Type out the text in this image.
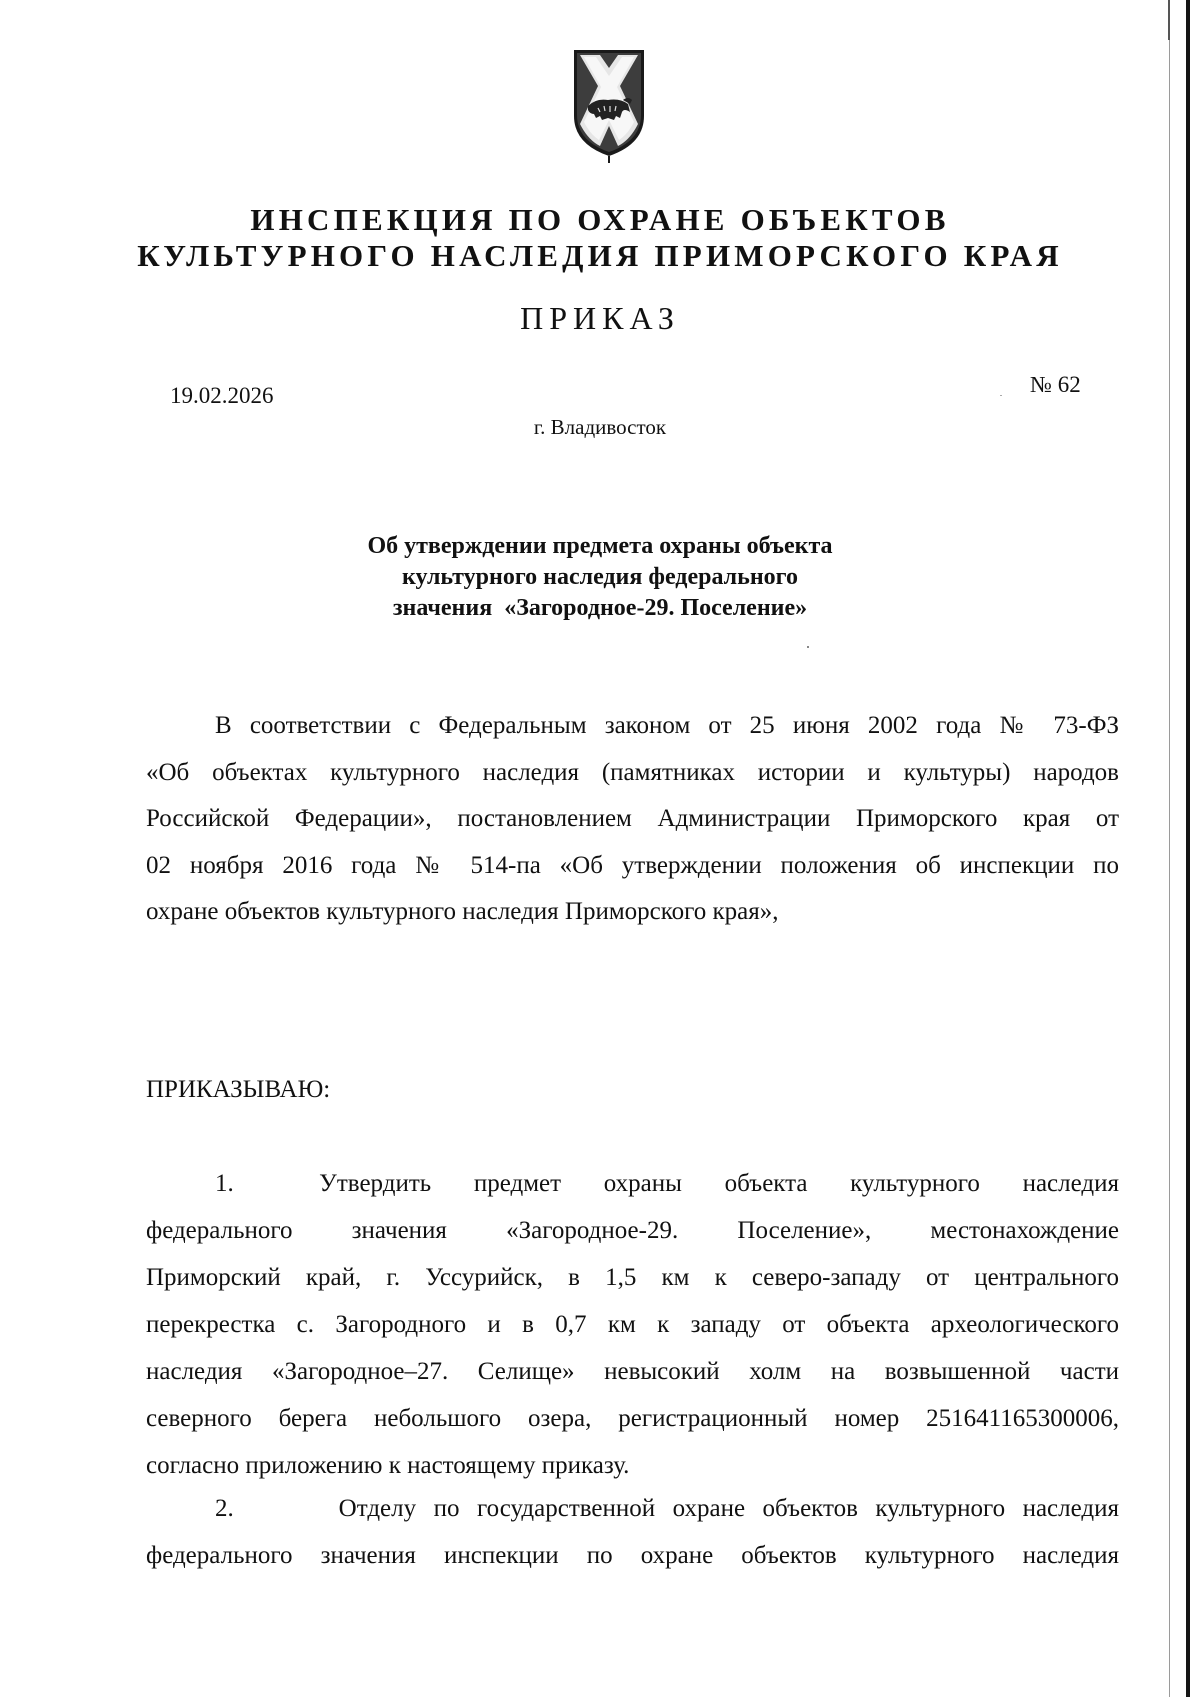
ИНСПЕКЦИЯ ПО ОХРАНЕ ОБЪЕКТОВ
КУЛЬТУРНОГО НАСЛЕДИЯ ПРИМОРСКОГО КРАЯ
ПРИКАЗ
19.02.2026	№ 62
г. Владивосток
Об утверждении предмета охраны объекта
культурного наследия федерального
значения  «Загородное-29. Поселение»
В соответствии с Федеральным законом от 25 июня 2002 года № 73-ФЗ
«Об объектах культурного наследия (памятниках истории и культуры) народов
Российской Федерации», постановлением Администрации Приморского края от
02 ноября 2016 года № 514-па «Об утверждении положения об инспекции по
охране объектов культурного наследия Приморского края»,
ПРИКАЗЫВАЮ:
1.      Утвердить   предмет   охраны   объекта   культурного   наследия
федерального значения «Загородное-29. Поселение», местонахождение
Приморский край, г. Уссурийск, в 1,5 км к северо-западу от центрального
перекрестка с. Загородного и в 0,7 км к западу от объекта археологического
наследия «Загородное–27. Селище» невысокий холм на возвышенной части
северного берега небольшого озера, регистрационный номер 251641165300006,
согласно приложению к настоящему приказу.
2.      Отделу по государственной охране объектов культурного наследия
федерального значения инспекции по охране объектов культурного наследия
